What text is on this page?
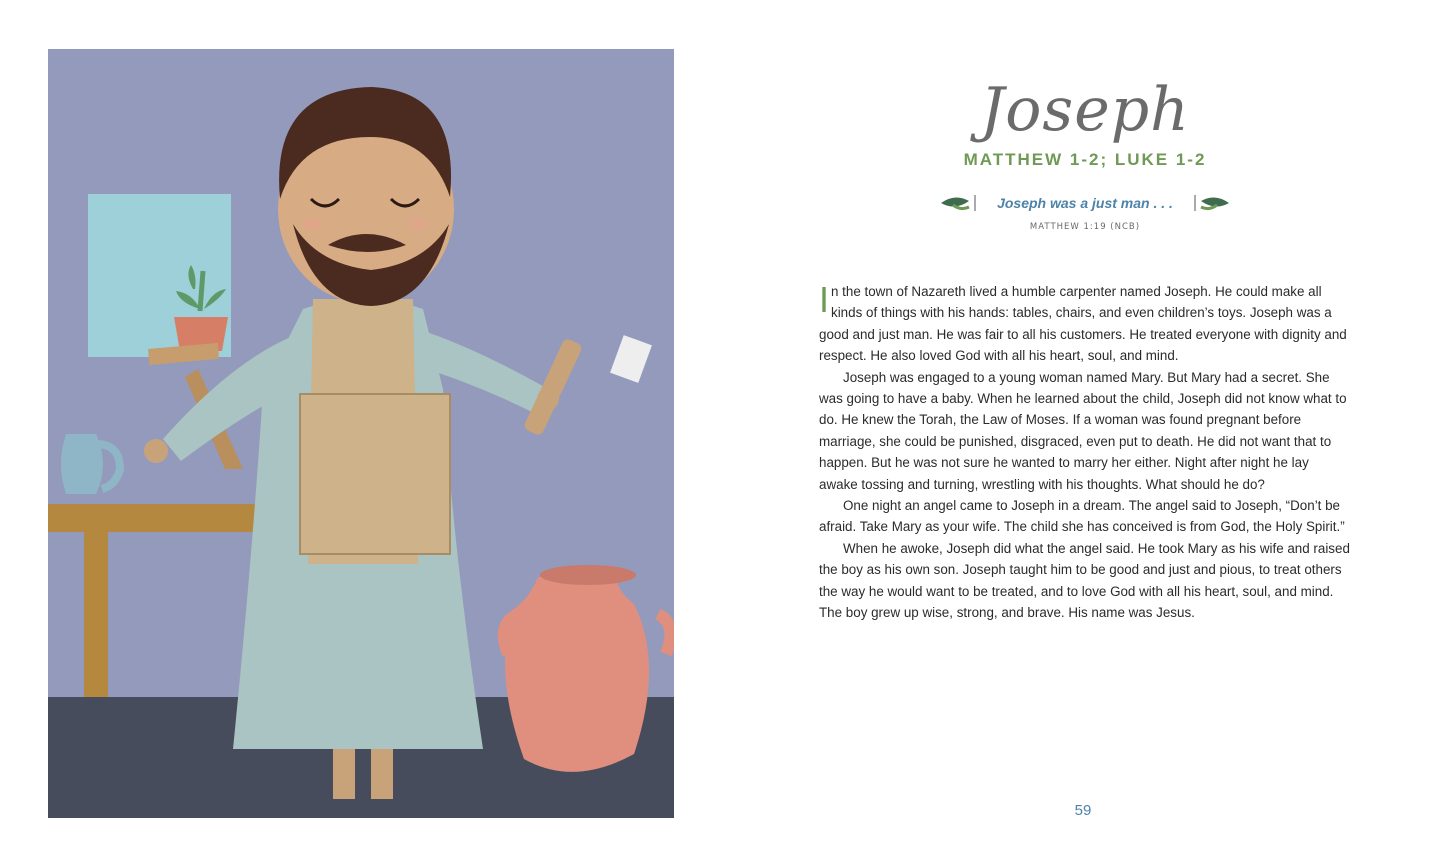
Joseph
MATTHEW 1-2; LUKE 1-2
Joseph was a just man . . .
MATTHEW 1:19 (NCB)

In the town of Nazareth lived a humble carpenter named Joseph. He could make all kinds of things with his hands: tables, chairs, and even children’s toys. Joseph was a good and just man. He was fair to all his customers. He treated everyone with dignity and respect. He also loved God with all his heart, soul, and mind.

Joseph was engaged to a young woman named Mary. But Mary had a secret. She was going to have a baby. When he learned about the child, Joseph did not know what to do. He knew the Torah, the Law of Moses. If a woman was found pregnant before marriage, she could be punished, disgraced, even put to death. He did not want that to happen. But he was not sure he wanted to marry her either. Night after night he lay awake tossing and turning, wrestling with his thoughts. What should he do?

One night an angel came to Joseph in a dream. The angel said to Joseph, “Don’t be afraid. Take Mary as your wife. The child she has conceived is from God, the Holy Spirit.”

When he awoke, Joseph did what the angel said. He took Mary as his wife and raised the boy as his own son. Joseph taught him to be good and just and pious, to treat others the way he would want to be treated, and to love God with all his heart, soul, and mind. The boy grew up wise, strong, and brave. His name was Jesus.

59
